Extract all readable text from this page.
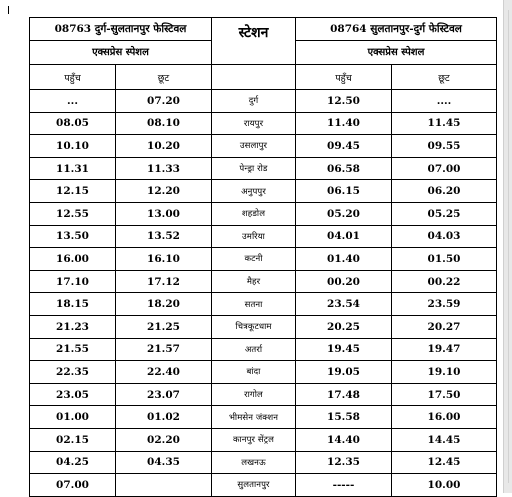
08763 दुर्ग-सुलतानपुर फेस्टिवल		स्टेशन	08764 सुलतानपुर-दुर्ग फेस्टिवल	
एक्सप्रेस स्पेशल			एक्सप्रेस स्पेशल	
पहुँच	छूट		पहुँच	छूट
...	07.20	दुर्ग	12.50	....
08.05	08.10	रायपुर	11.40	11.45
10.10	10.20	उसलापुर	09.45	09.55
11.31	11.33	पेन्ड्रा रोड	06.58	07.00
12.15	12.20	अनुपपुर	06.15	06.20
12.55	13.00	शहडोल	05.20	05.25
13.50	13.52	उमरिया	04.01	04.03
16.00	16.10	कटनी	01.40	01.50
17.10	17.12	मैहर	00.20	00.22
18.15	18.20	सतना	23.54	23.59
21.23	21.25	चित्रकूटधाम	20.25	20.27
21.55	21.57	अतर्रा	19.45	19.47
22.35	22.40	बांदा	19.05	19.10
23.05	23.07	रागोल	17.48	17.50
01.00	01.02	भीमसेन जंक्शन	15.58	16.00
02.15	02.20	कानपुर सेंट्रल	14.40	14.45
04.25	04.35	लखनऊ	12.35	12.45
07.00		सुलतानपुर	-----	10.00
